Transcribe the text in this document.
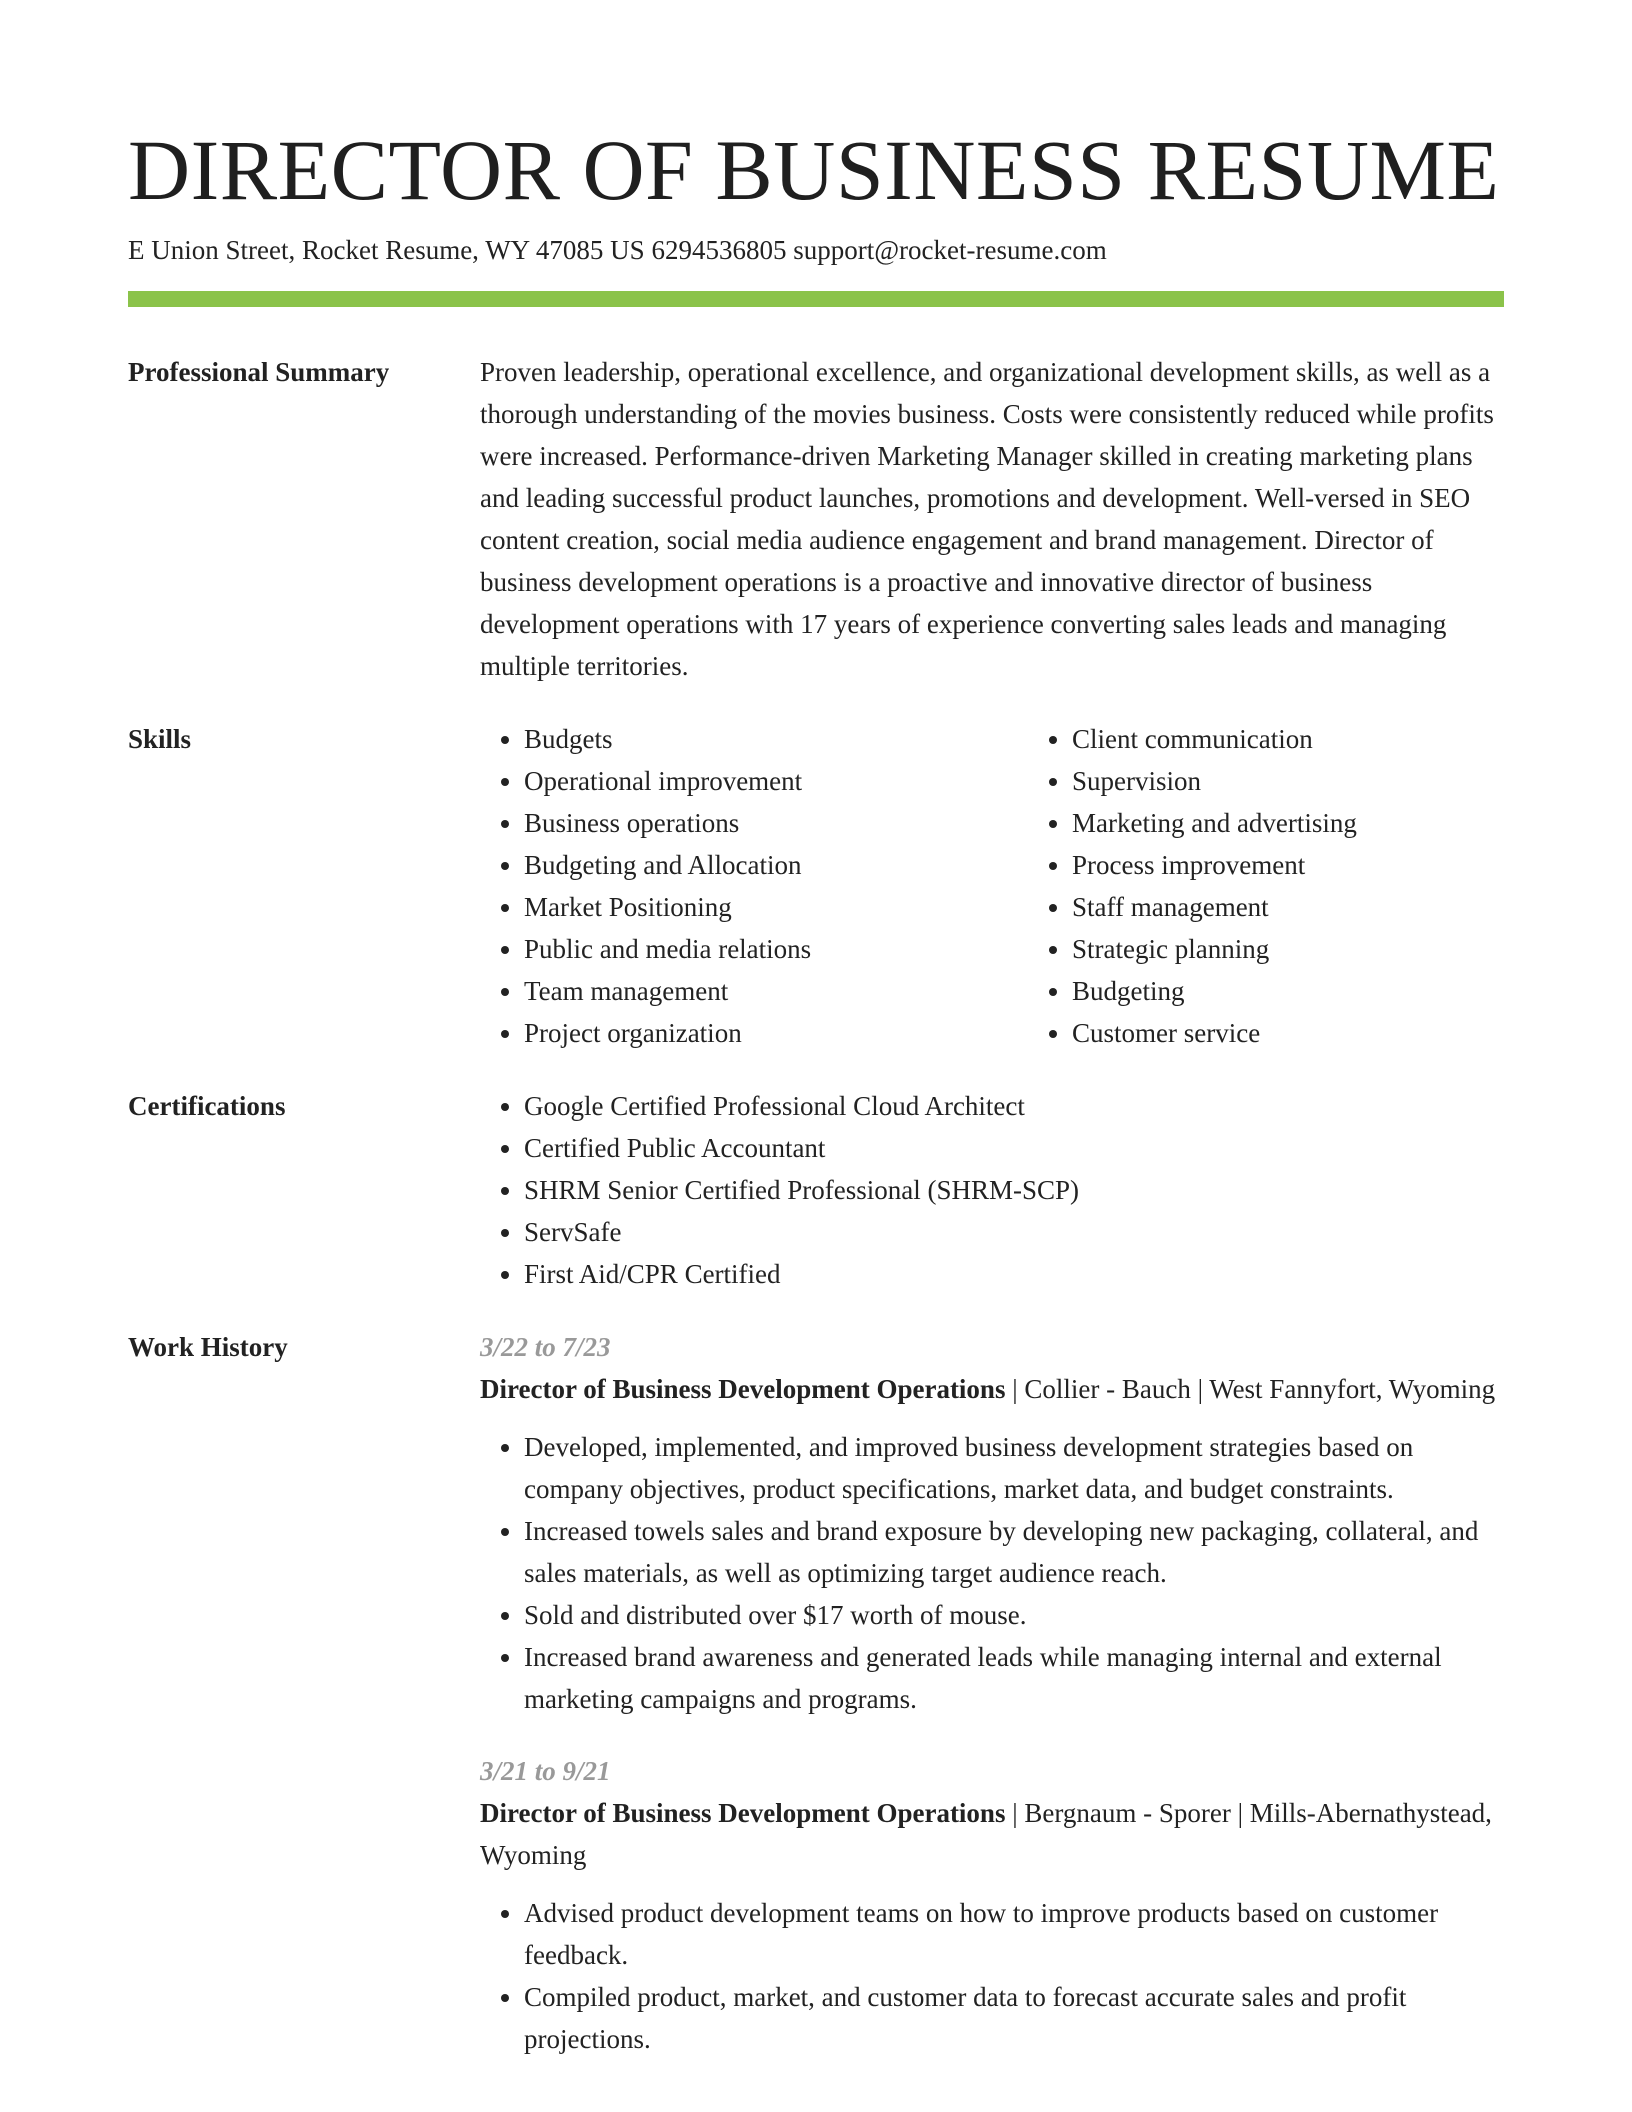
DIRECTOR OF BUSINESS RESUME
E Union Street, Rocket Resume, WY 47085 US 6294536805 support@rocket-resume.com
Professional Summary	Proven leadership, operational excellence, and organizational development skills, as well as a thorough understanding of the movies business. Costs were consistently reduced while profits were increased. Performance-driven Marketing Manager skilled in creating marketing plans and leading successful product launches, promotions and development. Well-versed in SEO content creation, social media audience engagement and brand management. Director of business development operations is a proactive and innovative director of business development operations with 17 years of experience converting sales leads and managing multiple territories.

Skills	• Budgets
• Operational improvement
• Business operations
• Budgeting and Allocation
• Market Positioning
• Public and media relations
• Team management
• Project organization
• Client communication
• Supervision
• Marketing and advertising
• Process improvement
• Staff management
• Strategic planning
• Budgeting
• Customer service
Certifications	• Google Certified Professional Cloud Architect
• Certified Public Accountant
• SHRM Senior Certified Professional (SHRM-SCP)
• ServSafe
• First Aid/CPR Certified
Work History	3/22 to 7/23
Director of Business Development Operations | Collier - Bauch | West Fannyfort, Wyoming
• Developed, implemented, and improved business development strategies based on company objectives, product specifications, market data, and budget constraints.
• Increased towels sales and brand exposure by developing new packaging, collateral, and sales materials, as well as optimizing target audience reach.
• Sold and distributed over $17 worth of mouse.
• Increased brand awareness and generated leads while managing internal and external marketing campaigns and programs.
3/21 to 9/21
Director of Business Development Operations | Bergnaum - Sporer | Mills-Abernathystead, Wyoming
• Advised product development teams on how to improve products based on customer feedback.
• Compiled product, market, and customer data to forecast accurate sales and profit projections.
